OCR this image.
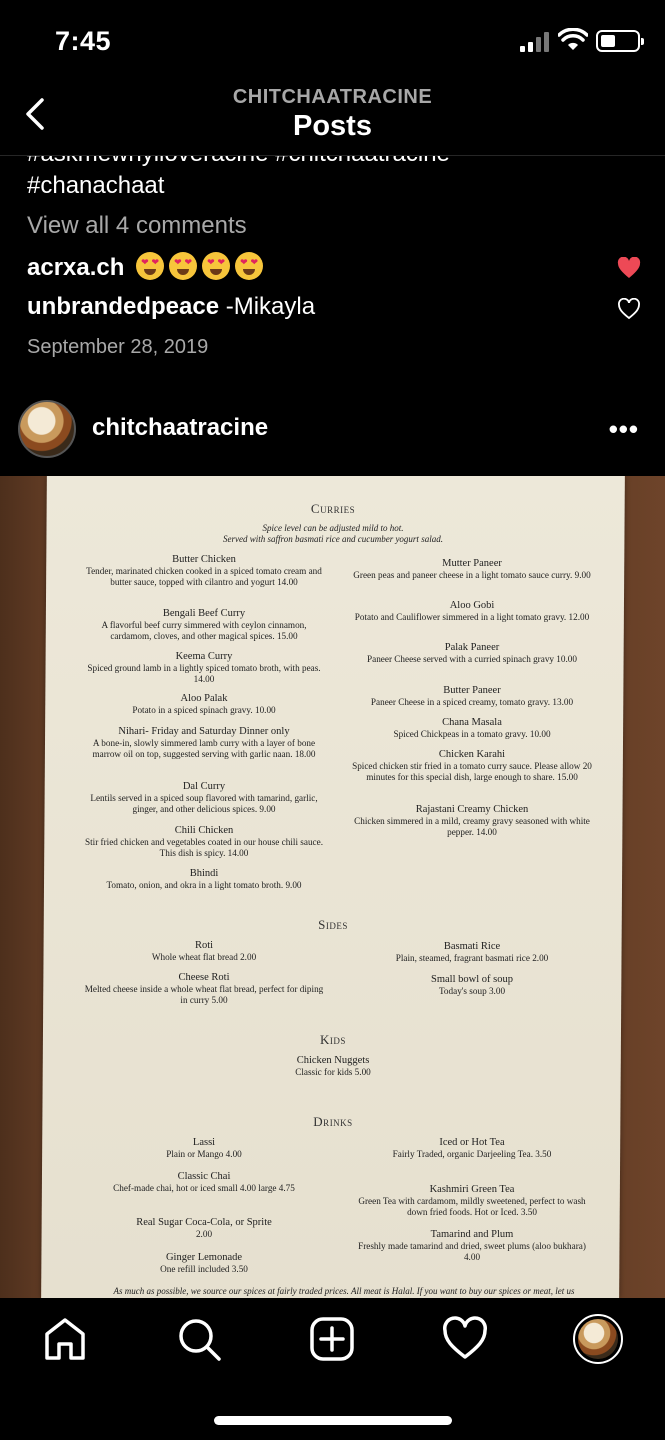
7:45
CHITCHAATRACINE
Posts
#chanachaat
View all 4 comments
acrxa.ch ❤
❤❤
❤❤
❤❤
❤
unbrandedpeace -Mikayla
September 28, 2019
chitchaatracine	•••
Curries
Spice level can be adjusted mild to hot.
Served with saffron basmati rice and cucumber yogurt salad.
Butter Chicken
Tender, marinated chicken cooked in a spiced tomato cream and butter sauce, topped with cilantro and yogurt 14.00
Bengali Beef Curry
A flavorful beef curry simmered with ceylon cinnamon, cardamom, cloves, and other magical spices. 15.00
Keema Curry
Spiced ground lamb in a lightly spiced tomato broth, with peas. 14.00
Aloo Palak
Potato in a spiced spinach gravy. 10.00
Nihari- Friday and Saturday Dinner only
A bone-in, slowly simmered lamb curry with a layer of bone marrow oil on top, suggested serving with garlic naan. 18.00
Dal Curry
Lentils served in a spiced soup flavored with tamarind, garlic, ginger, and other delicious spices. 9.00
Chili Chicken
Stir fried chicken and vegetables coated in our house chili sauce. This dish is spicy. 14.00
Bhindi
Tomato, onion, and okra in a light tomato broth. 9.00
Mutter Paneer
Green peas and paneer cheese in a light tomato sauce curry. 9.00
Aloo Gobi
Potato and Cauliflower simmered in a light tomato gravy. 12.00
Palak Paneer
Paneer Cheese served with a curried spinach gravy 10.00
Butter Paneer
Paneer Cheese in a spiced creamy, tomato gravy. 13.00
Chana Masala
Spiced Chickpeas in a tomato gravy. 10.00
Chicken Karahi
Spiced chicken stir fried in a tomato curry sauce. Please allow 20 minutes for this special dish, large enough to share. 15.00
Rajastani Creamy Chicken
Chicken simmered in a mild, creamy gravy seasoned with white pepper. 14.00
Sides
Roti
Whole wheat flat bread 2.00
Cheese Roti
Melted cheese inside a whole wheat flat bread, perfect for diping in curry 5.00
Basmati Rice
Plain, steamed, fragrant basmati rice 2.00
Small bowl of soup
Today's soup 3.00
Kids
Chicken Nuggets
Classic for kids 5.00
Drinks
Lassi
Plain or Mango 4.00
Classic Chai
Chef-made chai, hot or iced small 4.00 large 4.75
Real Sugar Coca-Cola, or Sprite
2.00
Ginger Lemonade
One refill included 3.50
Iced or Hot Tea
Fairly Traded, organic Darjeeling Tea. 3.50
Kashmiri Green Tea
Green Tea with cardamom, mildly sweetened, perfect to wash down fried foods. Hot or Iced. 3.50
Tamarind and Plum
Freshly made tamarind and dried, sweet plums (aloo bukhara) 4.00
As much as possible, we source our spices at fairly traded prices. All meat is Halal. If you want to buy our spices or meat, let us
